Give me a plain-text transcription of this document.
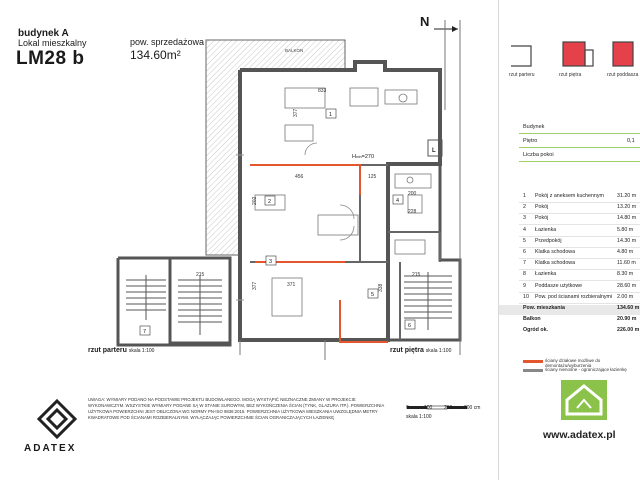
budynek A
Lokal mieszkalny
LM28 b
pow. sprzedażowa
134.60m²
N
BALKON
L
833
377
456	125
200
228
215
371
377	338
215
202
Hmin=270
1
2
3
4
5
6
7
rzut parteru skala 1:100	rzut piętra skala 1:100
UWAGA: WYMIARY PODANO NA PODSTAWIE PROJEKTU BUDOWLANEGO. MOGĄ WYSTĄPIĆ NIEZNACZNE ZMIANY W PROJEKCIE WYKONAWCZYM. WSZYSTKIE WYMIARY PODANE SĄ W STANIE SUROWYM, BEZ WYKOŃCZENIA ŚCIAN (TYNK, GLAZURA ITP.). POWIERZCHNIA UŻYTKOWA POWIERZCHNI JEST OBLICZONA WG NORMY PN-ISO 9836:2015. POWIERZCHNIA UŻYTKOWA MIESZKANIA UWZGLĘDNIA METRY KWADRATOWE POD ŚCIANAMI ROZBIERALNYMI. WYŁĄCZAJĄC POWIERZCHNIE ŚCIAN OGRANICZAJĄCYCH ŁAZIENKĘ
0	100 200 300 cm
skala 1:100
ADATEX
rzut parteru	rzut piętra	rzut poddasza
Budynek
Piętro	0,1
Liczba pokoi
1 Pokój z aneksem kuchennym 31.20 m
2 Pokój	13.20 m
3 Pokój	14.80 m
4 Łazienka	5.80 m
5 Przedpokój	14.30 m
6 Klatka schodowa	4.80 m
7 Klatka schodowa	11.60 m
8 Łazienka	8.30 m
9 Poddasze użytkowe	28.60 m
10 Pow. pod ścianami rozbieralnymi 2.00 m
Pow. mieszkania	134.60 m
Balkon	20.90 m
Ogród ok.	226.00 m
ściany działowe możliwe do demontażu/wyburzenia
ściany nienośne - ograniczające łazienkę
www.adatex.pl
